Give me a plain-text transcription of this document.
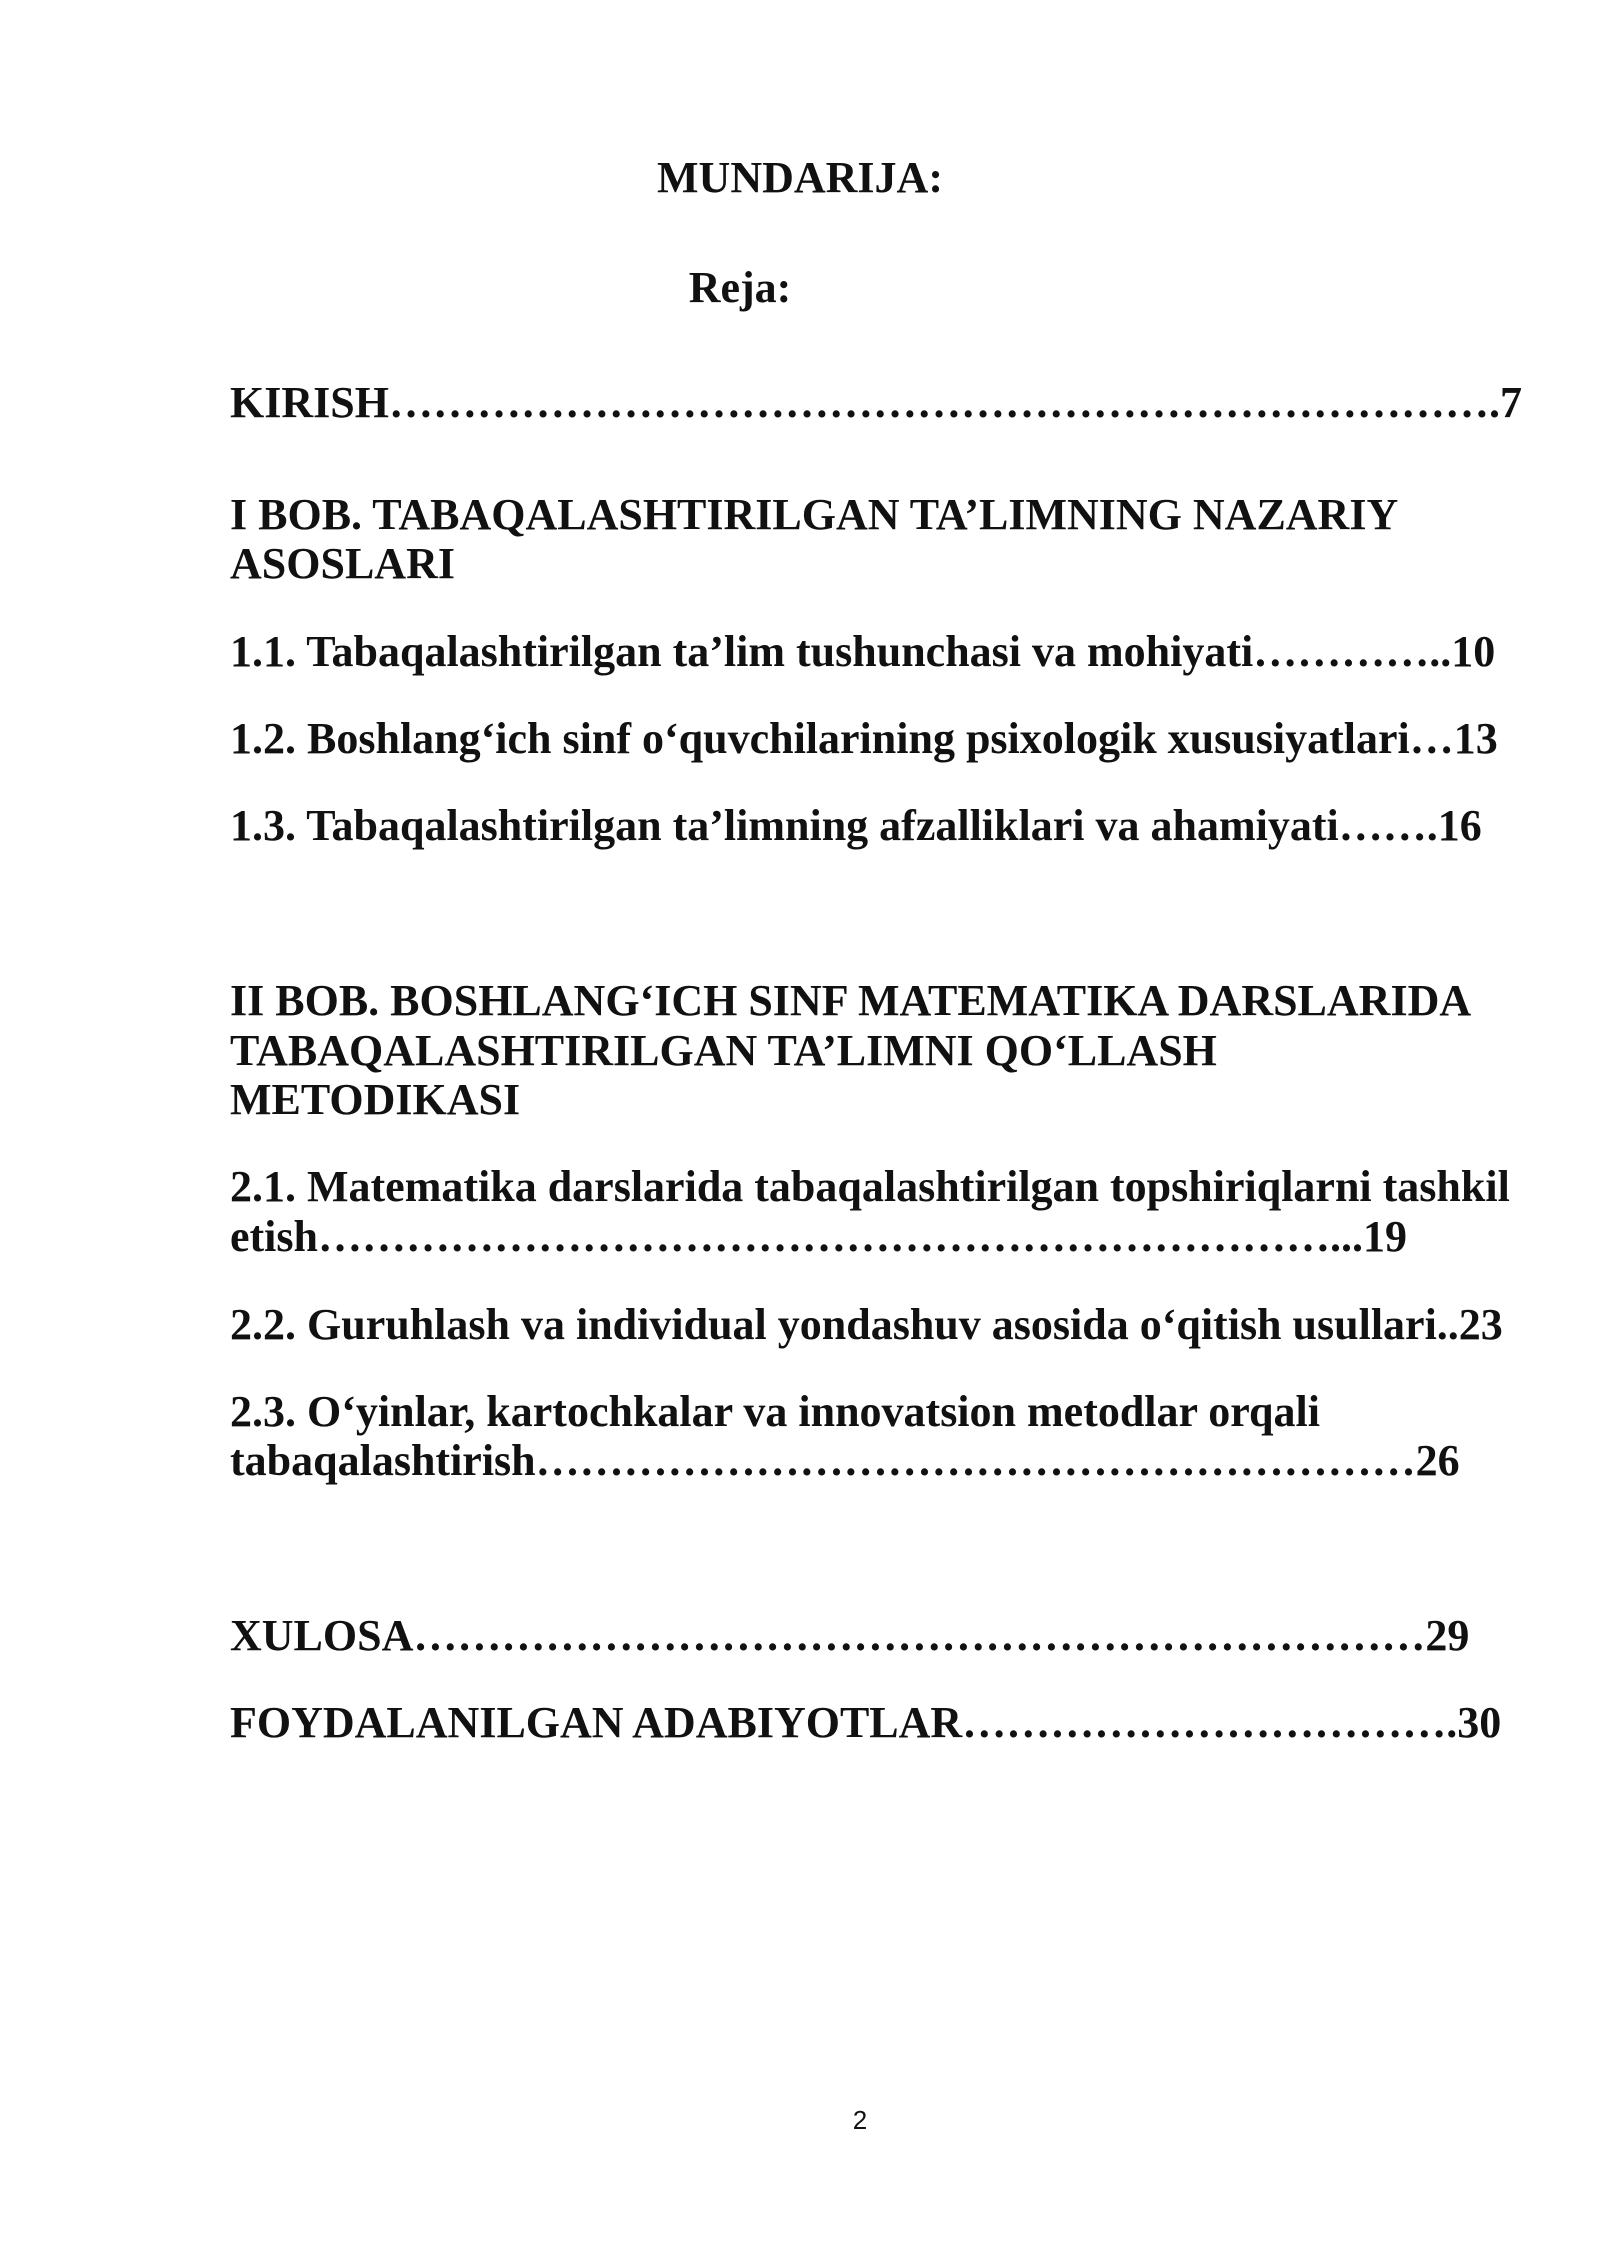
MUNDARIJA:
Reja:
KIRISH………………………………………………………………….7
I BOB. TABAQALASHTIRILGAN TA’LIMNING NAZARIY
ASOSLARI
1.1. Tabaqalashtirilgan ta’lim tushunchasi va mohiyati…………..10
1.2. Boshlang‘ich sinf o‘quvchilarining psixologik xususiyatlari…13
1.3. Tabaqalashtirilgan ta’limning afzalliklari va ahamiyati…….16
II BOB. BOSHLANG‘ICH SINF MATEMATIKA DARSLARIDA
TABAQALASHTIRILGAN TA’LIMNI QO‘LLASH
METODIKASI
2.1. Matematika darslarida tabaqalashtirilgan topshiriqlarni tashkil
etish……………………………………………………………...19
2.2. Guruhlash va individual yondashuv asosida o‘qitish usullari..23
2.3. O‘yinlar, kartochkalar va innovatsion metodlar orqali
tabaqalashtirish……………………………………………………26
XULOSA……………………………………………………………29
FOYDALANILGAN ADABIYOTLAR…………………………….30
2
